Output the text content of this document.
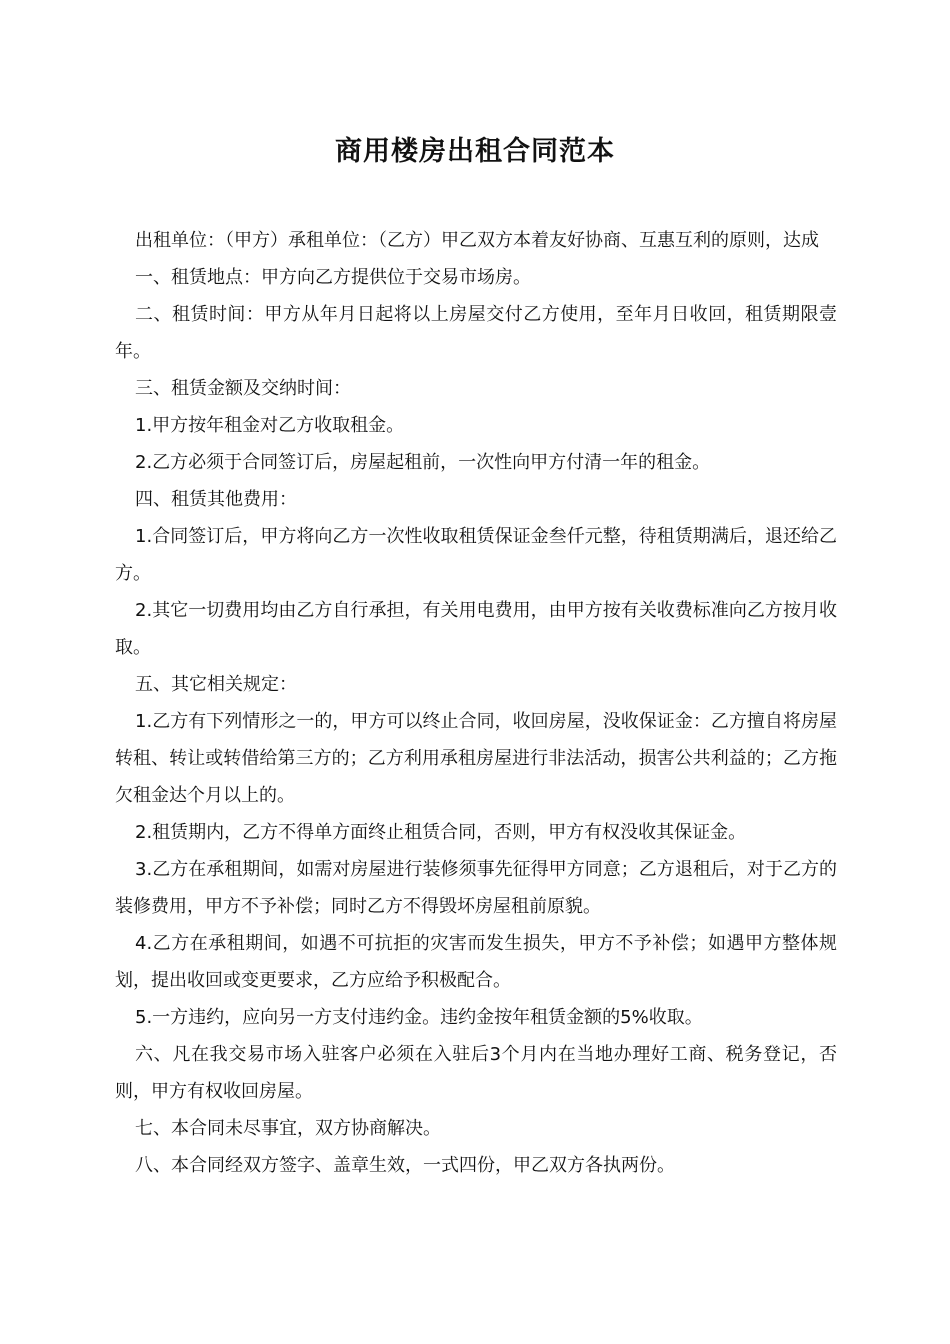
商用楼房出租合同范本

出租单位：（甲方）承租单位：（乙方）甲乙双方本着友好协商、互惠互利的原则，达成

一、租赁地点：甲方向乙方提供位于交易市场房。

二、租赁时间：甲方从年月日起将以上房屋交付乙方使用，至年月日收回，租赁期限壹年。

三、租赁金额及交纳时间：

1.甲方按年租金对乙方收取租金。

2.乙方必须于合同签订后，房屋起租前，一次性向甲方付清一年的租金。

四、租赁其他费用：

1.合同签订后，甲方将向乙方一次性收取租赁保证金叁仟元整，待租赁期满后，退还给乙方。

2.其它一切费用均由乙方自行承担，有关用电费用，由甲方按有关收费标准向乙方按月收取。

五、其它相关规定：

1.乙方有下列情形之一的，甲方可以终止合同，收回房屋，没收保证金：乙方擅自将房屋转租、转让或转借给第三方的；乙方利用承租房屋进行非法活动，损害公共利益的；乙方拖欠租金达个月以上的。

2.租赁期内，乙方不得单方面终止租赁合同，否则，甲方有权没收其保证金。

3.乙方在承租期间，如需对房屋进行装修须事先征得甲方同意；乙方退租后，对于乙方的装修费用，甲方不予补偿；同时乙方不得毁坏房屋租前原貌。

4.乙方在承租期间，如遇不可抗拒的灾害而发生损失，甲方不予补偿；如遇甲方整体规划，提出收回或变更要求，乙方应给予积极配合。

5.一方违约，应向另一方支付违约金。违约金按年租赁金额的5%收取。

六、凡在我交易市场入驻客户必须在入驻后3个月内在当地办理好工商、税务登记，否则，甲方有权收回房屋。

七、本合同未尽事宜，双方协商解决。

八、本合同经双方签字、盖章生效，一式四份，甲乙双方各执两份。
